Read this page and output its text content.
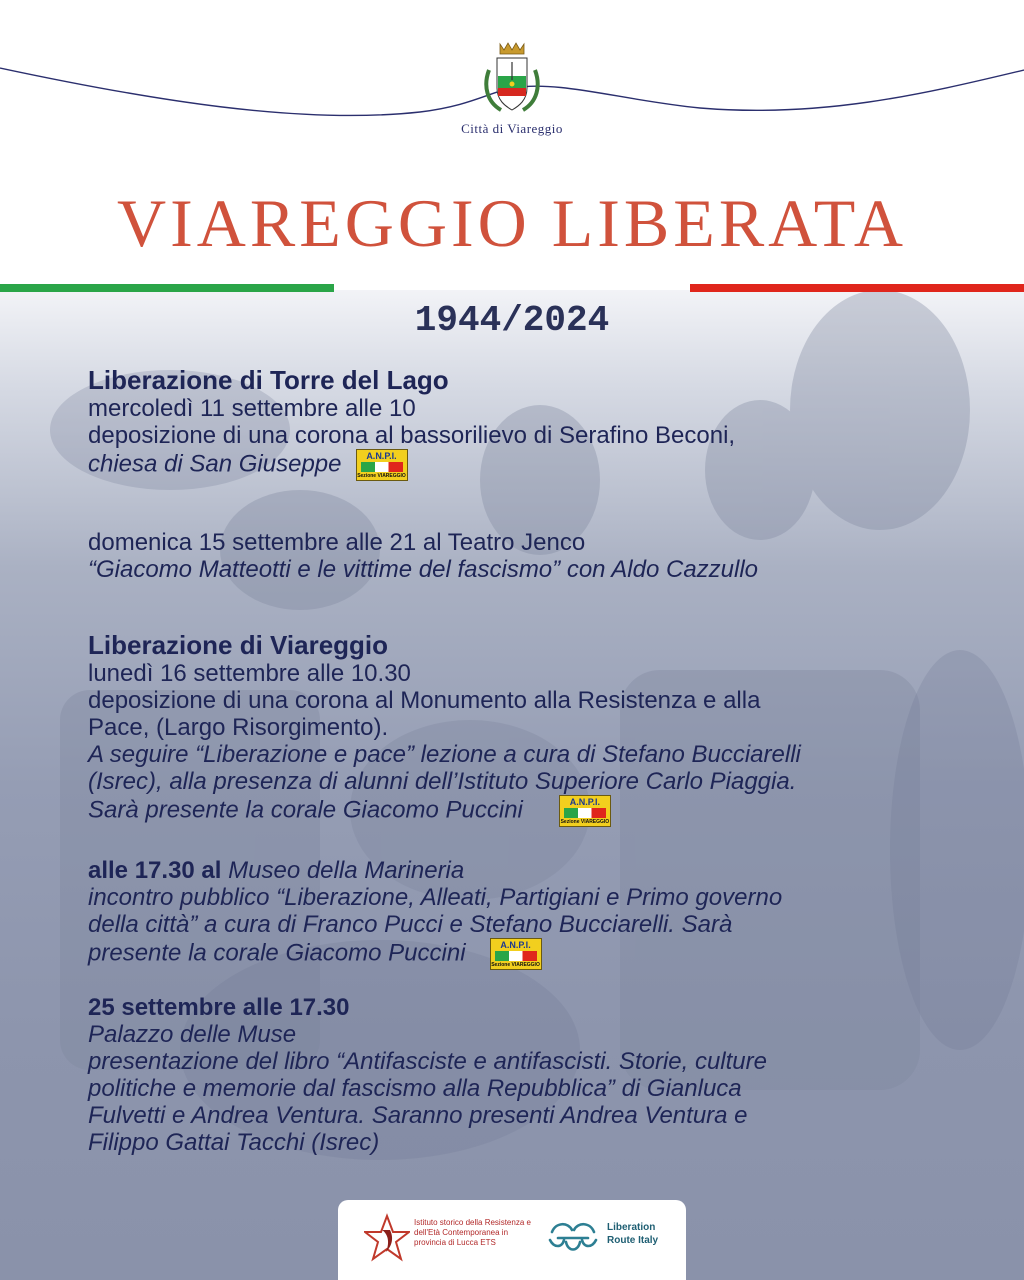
Città di Viareggio
VIAREGGIO LIBERATA
1944/2024
Liberazione di Torre del Lago
mercoledì 11 settembre alle 10
deposizione di una corona al bassorilievo di Serafino Beconi,
chiesa di San Giuseppe	A.N.P.I.
Sezione VIAREGGIO
domenica 15 settembre alle 21 al Teatro Jenco
“Giacomo Matteotti e le vittime del fascismo” con Aldo Cazzullo
Liberazione di Viareggio
lunedì 16 settembre alle 10.30
deposizione di una corona al Monumento alla Resistenza e alla
Pace, (Largo Risorgimento).
A seguire “Liberazione e pace” lezione a cura di Stefano Bucciarelli
(Isrec), alla presenza di alunni dell’Istituto Superiore Carlo Piaggia.
Sarà presente la corale Giacomo Puccini	A.N.P.I.
Sezione VIAREGGIO
alle 17.30 al Museo della Marineria
incontro pubblico “Liberazione, Alleati, Partigiani e Primo governo
della città” a cura di Franco Pucci e Stefano Bucciarelli. Sarà
presente la corale Giacomo Puccini	A.N.P.I.
Sezione VIAREGGIO
25 settembre alle 17.30
Palazzo delle Muse
presentazione del libro “Antifasciste e antifascisti. Storie, culture
politiche e memorie dal fascismo alla Repubblica” di Gianluca
Fulvetti e Andrea Ventura. Saranno presenti Andrea Ventura e
Filippo Gattai Tacchi (Isrec)
Istituto storico della Resistenza e dell'Età Contemporanea in provincia di Lucca ETS
Liberation Route Italy
